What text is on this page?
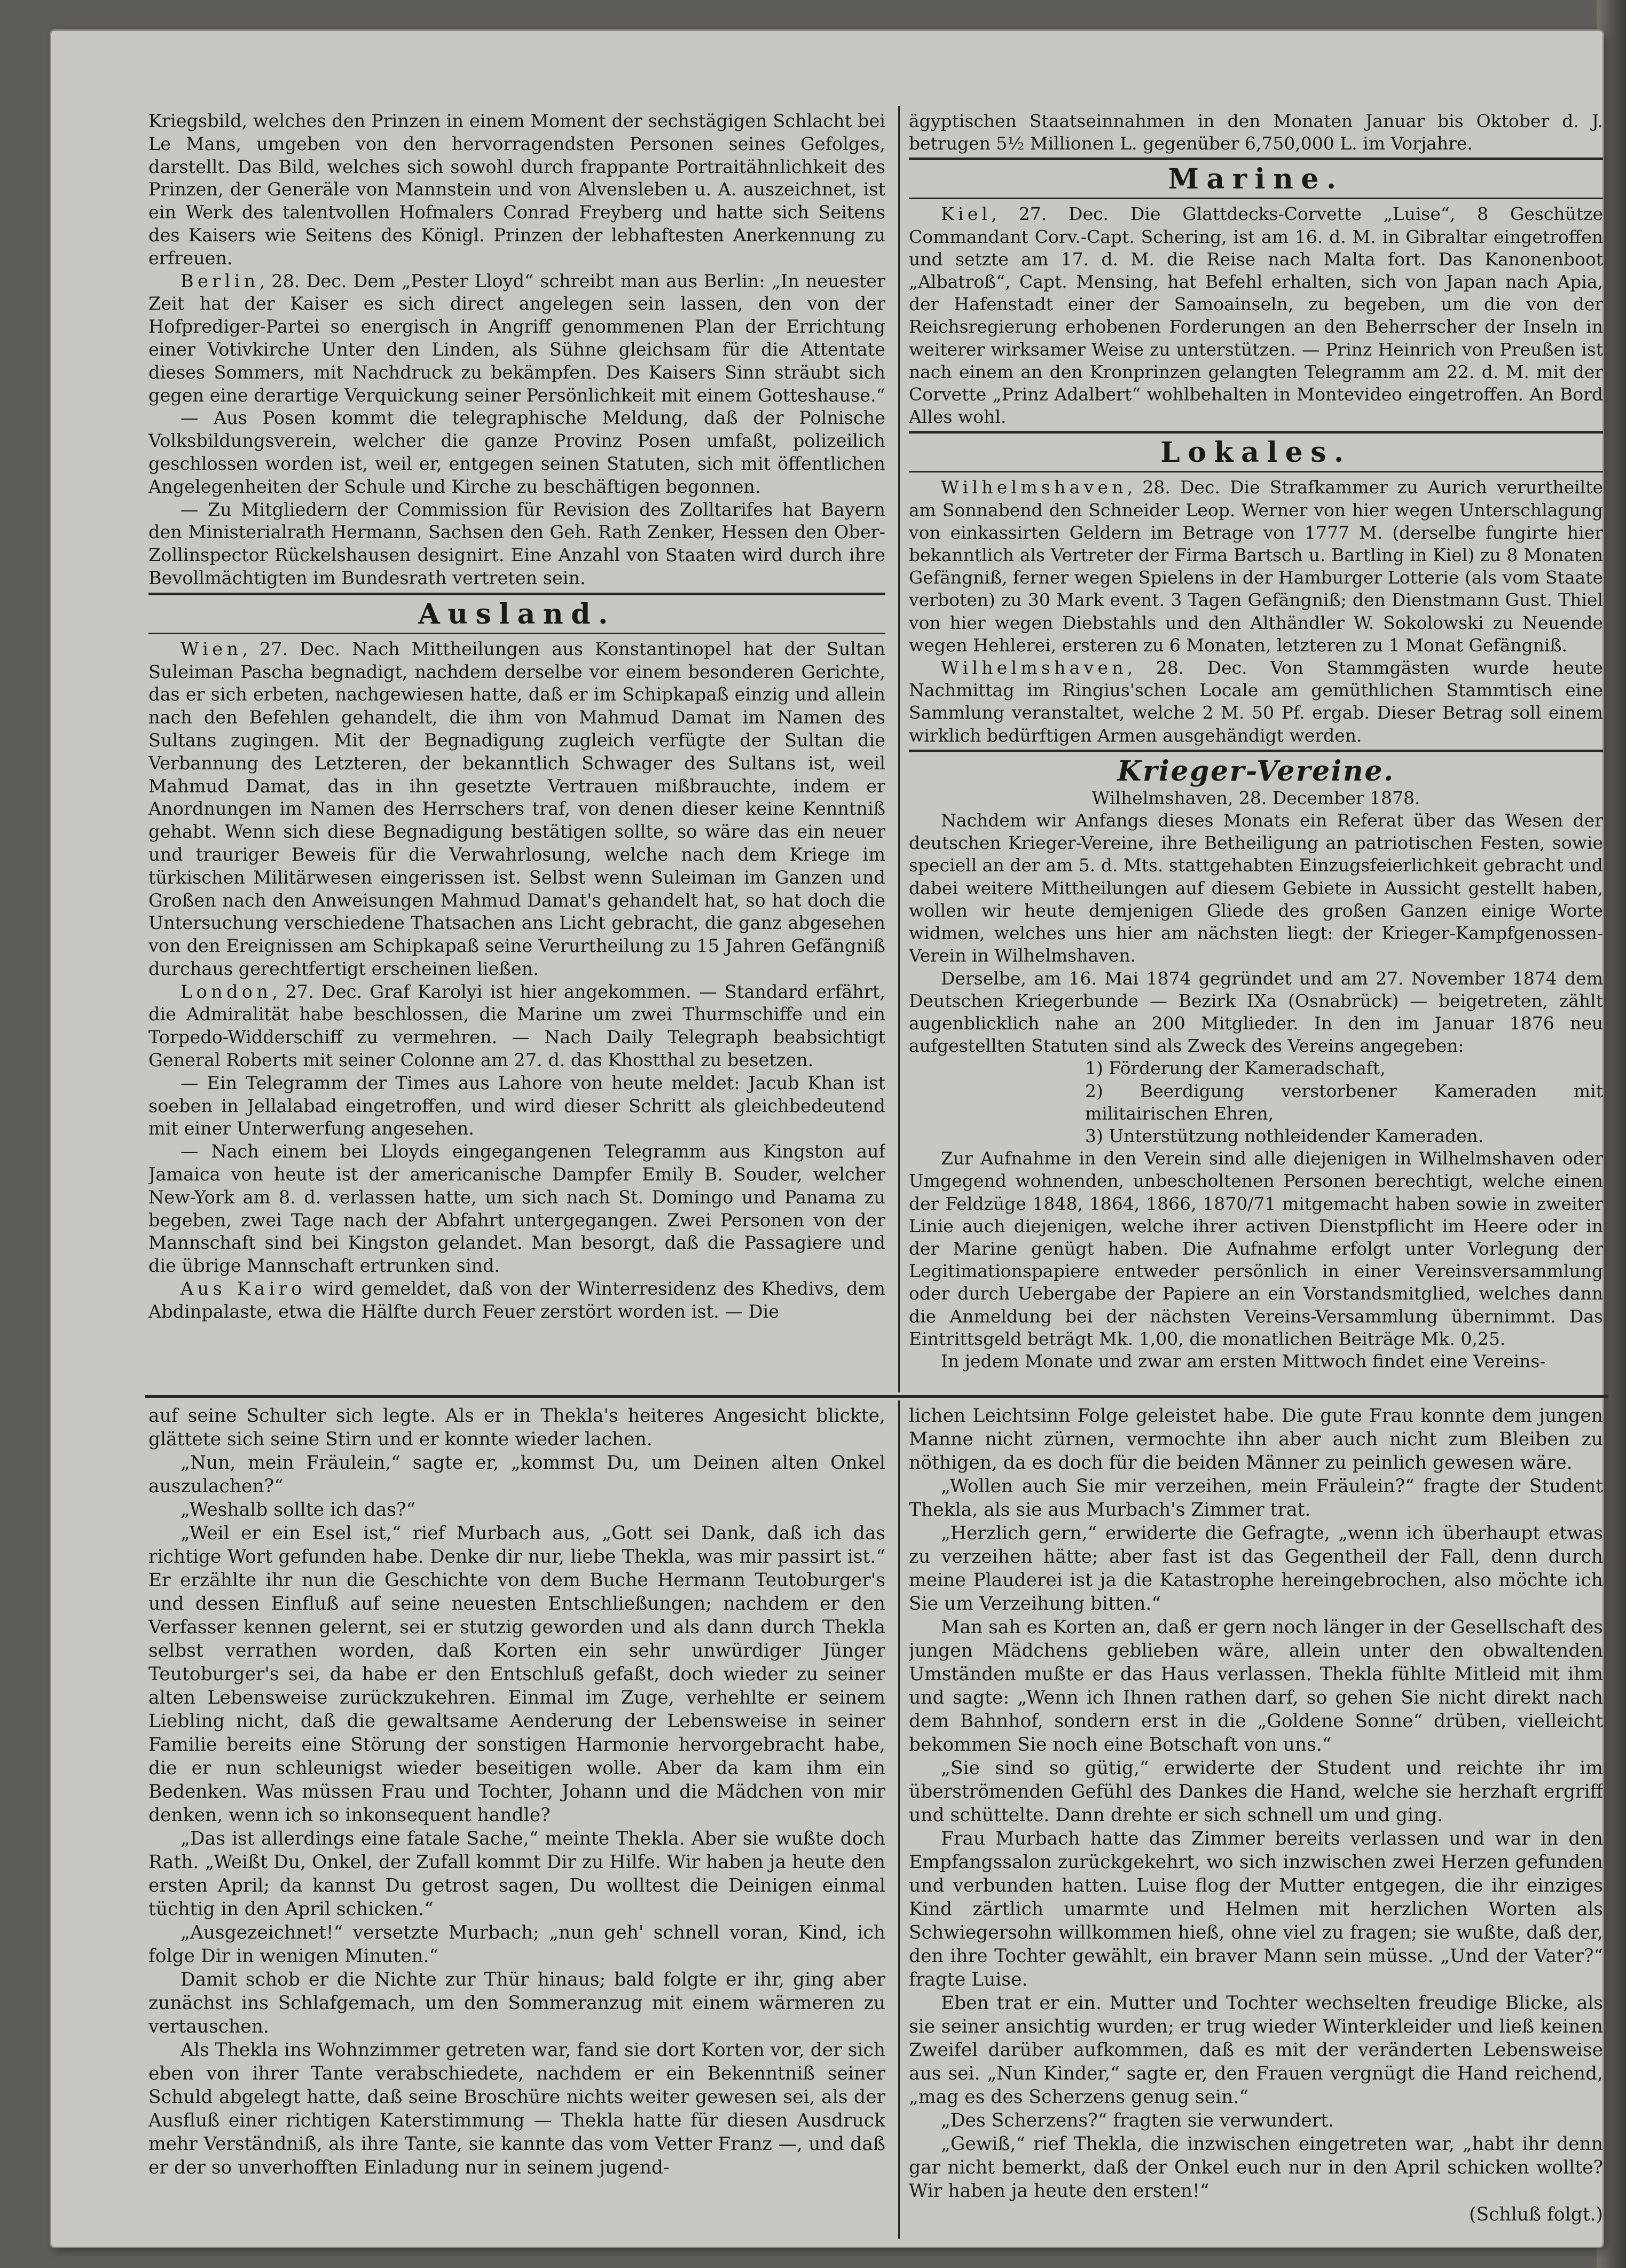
Kriegsbild, welches den Prinzen in einem Moment der sechstägigen Schlacht bei Le Mans, umgeben von den hervorragendsten Personen seines Gefolges, darstellt. Das Bild, welches sich sowohl durch frappante Portraitähnlichkeit des Prinzen, der Generäle von Mannstein und von Alvensleben u. A. auszeichnet, ist ein Werk des talentvollen Hofmalers Conrad Freyberg und hatte sich Seitens des Kaisers wie Seitens des Königl. Prinzen der lebhaftesten Anerkennung zu erfreuen.

Berlin, 28. Dec. Dem „Pester Lloyd“ schreibt man aus Berlin: „In neuester Zeit hat der Kaiser es sich direct angelegen sein lassen, den von der Hofprediger-Partei so energisch in Angriff genommenen Plan der Errichtung einer Votivkirche Unter den Linden, als Sühne gleichsam für die Attentate dieses Sommers, mit Nachdruck zu bekämpfen. Des Kaisers Sinn sträubt sich gegen eine derartige Verquickung seiner Persönlichkeit mit einem Gotteshause.“

— Aus Posen kommt die telegraphische Meldung, daß der Polnische Volksbildungsverein, welcher die ganze Provinz Posen umfaßt, polizeilich geschlossen worden ist, weil er, entgegen seinen Statuten, sich mit öffentlichen Angelegenheiten der Schule und Kirche zu beschäftigen begonnen.

— Zu Mitgliedern der Commission für Revision des Zolltarifes hat Bayern den Ministerialrath Hermann, Sachsen den Geh. Rath Zenker, Hessen den Ober-Zollinspector Rückelshausen designirt. Eine Anzahl von Staaten wird durch ihre Bevollmächtigten im Bundesrath vertreten sein.

Ausland.

Wien, 27. Dec. Nach Mittheilungen aus Konstantinopel hat der Sultan Suleiman Pascha begnadigt, nachdem derselbe vor einem besonderen Gerichte, das er sich erbeten, nachgewiesen hatte, daß er im Schipkapaß einzig und allein nach den Befehlen gehandelt, die ihm von Mahmud Damat im Namen des Sultans zugingen. Mit der Begnadigung zugleich verfügte der Sultan die Verbannung des Letzteren, der bekanntlich Schwager des Sultans ist, weil Mahmud Damat, das in ihn gesetzte Vertrauen mißbrauchte, indem er Anordnungen im Namen des Herrschers traf, von denen dieser keine Kenntniß gehabt. Wenn sich diese Begnadigung bestätigen sollte, so wäre das ein neuer und trauriger Beweis für die Verwahrlosung, welche nach dem Kriege im türkischen Militärwesen eingerissen ist. Selbst wenn Suleiman im Ganzen und Großen nach den Anweisungen Mahmud Damat's gehandelt hat, so hat doch die Untersuchung verschiedene Thatsachen ans Licht gebracht, die ganz abgesehen von den Ereignissen am Schipkapaß seine Verurtheilung zu 15 Jahren Gefängniß durchaus gerechtfertigt erscheinen ließen.

London, 27. Dec. Graf Karolyi ist hier angekommen. — Standard erfährt, die Admiralität habe beschlossen, die Marine um zwei Thurmschiffe und ein Torpedo-Widderschiff zu vermehren. — Nach Daily Telegraph beabsichtigt General Roberts mit seiner Colonne am 27. d. das Khostthal zu besetzen.

— Ein Telegramm der Times aus Lahore von heute meldet: Jacub Khan ist soeben in Jellalabad eingetroffen, und wird dieser Schritt als gleichbedeutend mit einer Unterwerfung angesehen.

— Nach einem bei Lloyds eingegangenen Telegramm aus Kingston auf Jamaica von heute ist der americanische Dampfer Emily B. Souder, welcher New-York am 8. d. verlassen hatte, um sich nach St. Domingo und Panama zu begeben, zwei Tage nach der Abfahrt untergegangen. Zwei Personen von der Mannschaft sind bei Kingston gelandet. Man besorgt, daß die Passagiere und die übrige Mannschaft ertrunken sind.

Aus Kairo wird gemeldet, daß von der Winterresidenz des Khedivs, dem Abdinpalaste, etwa die Hälfte durch Feuer zerstört worden ist. — Die

ägyptischen Staatseinnahmen in den Monaten Januar bis Oktober d. J. betrugen 5½ Millionen L. gegenüber 6,750,000 L. im Vorjahre.

Marine.

Kiel, 27. Dec. Die Glattdecks-Corvette „Luise“, 8 Geschütze Commandant Corv.-Capt. Schering, ist am 16. d. M. in Gibraltar eingetroffen und setzte am 17. d. M. die Reise nach Malta fort. Das Kanonenboot „Albatroß“, Capt. Mensing, hat Befehl erhalten, sich von Japan nach Apia, der Hafenstadt einer der Samoainseln, zu begeben, um die von der Reichsregierung erhobenen Forderungen an den Beherrscher der Inseln in weiterer wirksamer Weise zu unterstützen. — Prinz Heinrich von Preußen ist nach einem an den Kronprinzen gelangten Telegramm am 22. d. M. mit der Corvette „Prinz Adalbert“ wohlbehalten in Montevideo eingetroffen. An Bord Alles wohl.

Lokales.

Wilhelmshaven, 28. Dec. Die Strafkammer zu Aurich verurtheilte am Sonnabend den Schneider Leop. Werner von hier wegen Unterschlagung von einkassirten Geldern im Betrage von 1777 M. (derselbe fungirte hier bekanntlich als Vertreter der Firma Bartsch u. Bartling in Kiel) zu 8 Monaten Gefängniß, ferner wegen Spielens in der Hamburger Lotterie (als vom Staate verboten) zu 30 Mark event. 3 Tagen Gefängniß; den Dienstmann Gust. Thiel von hier wegen Diebstahls und den Althändler W. Sokolowski zu Neuende wegen Hehlerei, ersteren zu 6 Monaten, letzteren zu 1 Monat Gefängniß.

Wilhelmshaven, 28. Dec. Von Stammgästen wurde heute Nachmittag im Ringius'schen Locale am gemüthlichen Stammtisch eine Sammlung veranstaltet, welche 2 M. 50 Pf. ergab. Dieser Betrag soll einem wirklich bedürftigen Armen ausgehändigt werden.

Krieger-Vereine.

Wilhelmshaven, 28. December 1878.

Nachdem wir Anfangs dieses Monats ein Referat über das Wesen der deutschen Krieger-Vereine, ihre Betheiligung an patriotischen Festen, sowie speciell an der am 5. d. Mts. stattgehabten Einzugsfeierlichkeit gebracht und dabei weitere Mittheilungen auf diesem Gebiete in Aussicht gestellt haben, wollen wir heute demjenigen Gliede des großen Ganzen einige Worte widmen, welches uns hier am nächsten liegt: der Krieger-Kampfgenossen-Verein in Wilhelmshaven.

Derselbe, am 16. Mai 1874 gegründet und am 27. November 1874 dem Deutschen Kriegerbunde — Bezirk IXa (Osnabrück) — beigetreten, zählt augenblicklich nahe an 200 Mitglieder. In den im Januar 1876 neu aufgestellten Statuten sind als Zweck des Vereins angegeben:

1) Förderung der Kameradschaft,

2) Beerdigung verstorbener Kameraden mit militairischen Ehren,

3) Unterstützung nothleidender Kameraden.

Zur Aufnahme in den Verein sind alle diejenigen in Wilhelmshaven oder Umgegend wohnenden, unbescholtenen Personen berechtigt, welche einen der Feldzüge 1848, 1864, 1866, 1870/71 mitgemacht haben sowie in zweiter Linie auch diejenigen, welche ihrer activen Dienstpflicht im Heere oder in der Marine genügt haben. Die Aufnahme erfolgt unter Vorlegung der Legitimationspapiere entweder persönlich in einer Vereinsversammlung oder durch Uebergabe der Papiere an ein Vorstandsmitglied, welches dann die Anmeldung bei der nächsten Vereins-Versammlung übernimmt. Das Eintrittsgeld beträgt Mk. 1,00, die monatlichen Beiträge Mk. 0,25.

In jedem Monate und zwar am ersten Mittwoch findet eine Vereins-

auf seine Schulter sich legte. Als er in Thekla's heiteres Angesicht blickte, glättete sich seine Stirn und er konnte wieder lachen.

„Nun, mein Fräulein,“ sagte er, „kommst Du, um Deinen alten Onkel auszulachen?“

„Weshalb sollte ich das?“

„Weil er ein Esel ist,“ rief Murbach aus, „Gott sei Dank, daß ich das richtige Wort gefunden habe. Denke dir nur, liebe Thekla, was mir passirt ist.“ Er erzählte ihr nun die Geschichte von dem Buche Hermann Teutoburger's und dessen Einfluß auf seine neuesten Entschließungen; nachdem er den Verfasser kennen gelernt, sei er stutzig geworden und als dann durch Thekla selbst verrathen worden, daß Korten ein sehr unwürdiger Jünger Teutoburger's sei, da habe er den Entschluß gefaßt, doch wieder zu seiner alten Lebensweise zurückzukehren. Einmal im Zuge, verhehlte er seinem Liebling nicht, daß die gewaltsame Aenderung der Lebensweise in seiner Familie bereits eine Störung der sonstigen Harmonie hervorgebracht habe, die er nun schleunigst wieder beseitigen wolle. Aber da kam ihm ein Bedenken. Was müssen Frau und Tochter, Johann und die Mädchen von mir denken, wenn ich so inkonsequent handle?

„Das ist allerdings eine fatale Sache,“ meinte Thekla. Aber sie wußte doch Rath. „Weißt Du, Onkel, der Zufall kommt Dir zu Hilfe. Wir haben ja heute den ersten April; da kannst Du getrost sagen, Du wolltest die Deinigen einmal tüchtig in den April schicken.“

„Ausgezeichnet!“ versetzte Murbach; „nun geh' schnell voran, Kind, ich folge Dir in wenigen Minuten.“

Damit schob er die Nichte zur Thür hinaus; bald folgte er ihr, ging aber zunächst ins Schlafgemach, um den Sommeranzug mit einem wärmeren zu vertauschen.

Als Thekla ins Wohnzimmer getreten war, fand sie dort Korten vor, der sich eben von ihrer Tante verabschiedete, nachdem er ein Bekenntniß seiner Schuld abgelegt hatte, daß seine Broschüre nichts weiter gewesen sei, als der Ausfluß einer richtigen Katerstimmung — Thekla hatte für diesen Ausdruck mehr Verständniß, als ihre Tante, sie kannte das vom Vetter Franz —, und daß er der so unverhofften Einladung nur in seinem jugend-

lichen Leichtsinn Folge geleistet habe. Die gute Frau konnte dem jungen Manne nicht zürnen, vermochte ihn aber auch nicht zum Bleiben zu nöthigen, da es doch für die beiden Männer zu peinlich gewesen wäre.

„Wollen auch Sie mir verzeihen, mein Fräulein?“ fragte der Student Thekla, als sie aus Murbach's Zimmer trat.

„Herzlich gern,“ erwiderte die Gefragte, „wenn ich überhaupt etwas zu verzeihen hätte; aber fast ist das Gegentheil der Fall, denn durch meine Plauderei ist ja die Katastrophe hereingebrochen, also möchte ich Sie um Verzeihung bitten.“

Man sah es Korten an, daß er gern noch länger in der Gesellschaft des jungen Mädchens geblieben wäre, allein unter den obwaltenden Umständen mußte er das Haus verlassen. Thekla fühlte Mitleid mit ihm und sagte: „Wenn ich Ihnen rathen darf, so gehen Sie nicht direkt nach dem Bahnhof, sondern erst in die „Goldene Sonne“ drüben, vielleicht bekommen Sie noch eine Botschaft von uns.“

„Sie sind so gütig,“ erwiderte der Student und reichte ihr im überströmenden Gefühl des Dankes die Hand, welche sie herzhaft ergriff und schüttelte. Dann drehte er sich schnell um und ging.

Frau Murbach hatte das Zimmer bereits verlassen und war in den Empfangssalon zurückgekehrt, wo sich inzwischen zwei Herzen gefunden und verbunden hatten. Luise flog der Mutter entgegen, die ihr einziges Kind zärtlich umarmte und Helmen mit herzlichen Worten als Schwiegersohn willkommen hieß, ohne viel zu fragen; sie wußte, daß der, den ihre Tochter gewählt, ein braver Mann sein müsse. „Und der Vater?“ fragte Luise.

Eben trat er ein. Mutter und Tochter wechselten freudige Blicke, als sie seiner ansichtig wurden; er trug wieder Winterkleider und ließ keinen Zweifel darüber aufkommen, daß es mit der veränderten Lebensweise aus sei. „Nun Kinder,“ sagte er, den Frauen vergnügt die Hand reichend, „mag es des Scherzens genug sein.“

„Des Scherzens?“ fragten sie verwundert.

„Gewiß,“ rief Thekla, die inzwischen eingetreten war, „habt ihr denn gar nicht bemerkt, daß der Onkel euch nur in den April schicken wollte? Wir haben ja heute den ersten!“

(Schluß folgt.)
